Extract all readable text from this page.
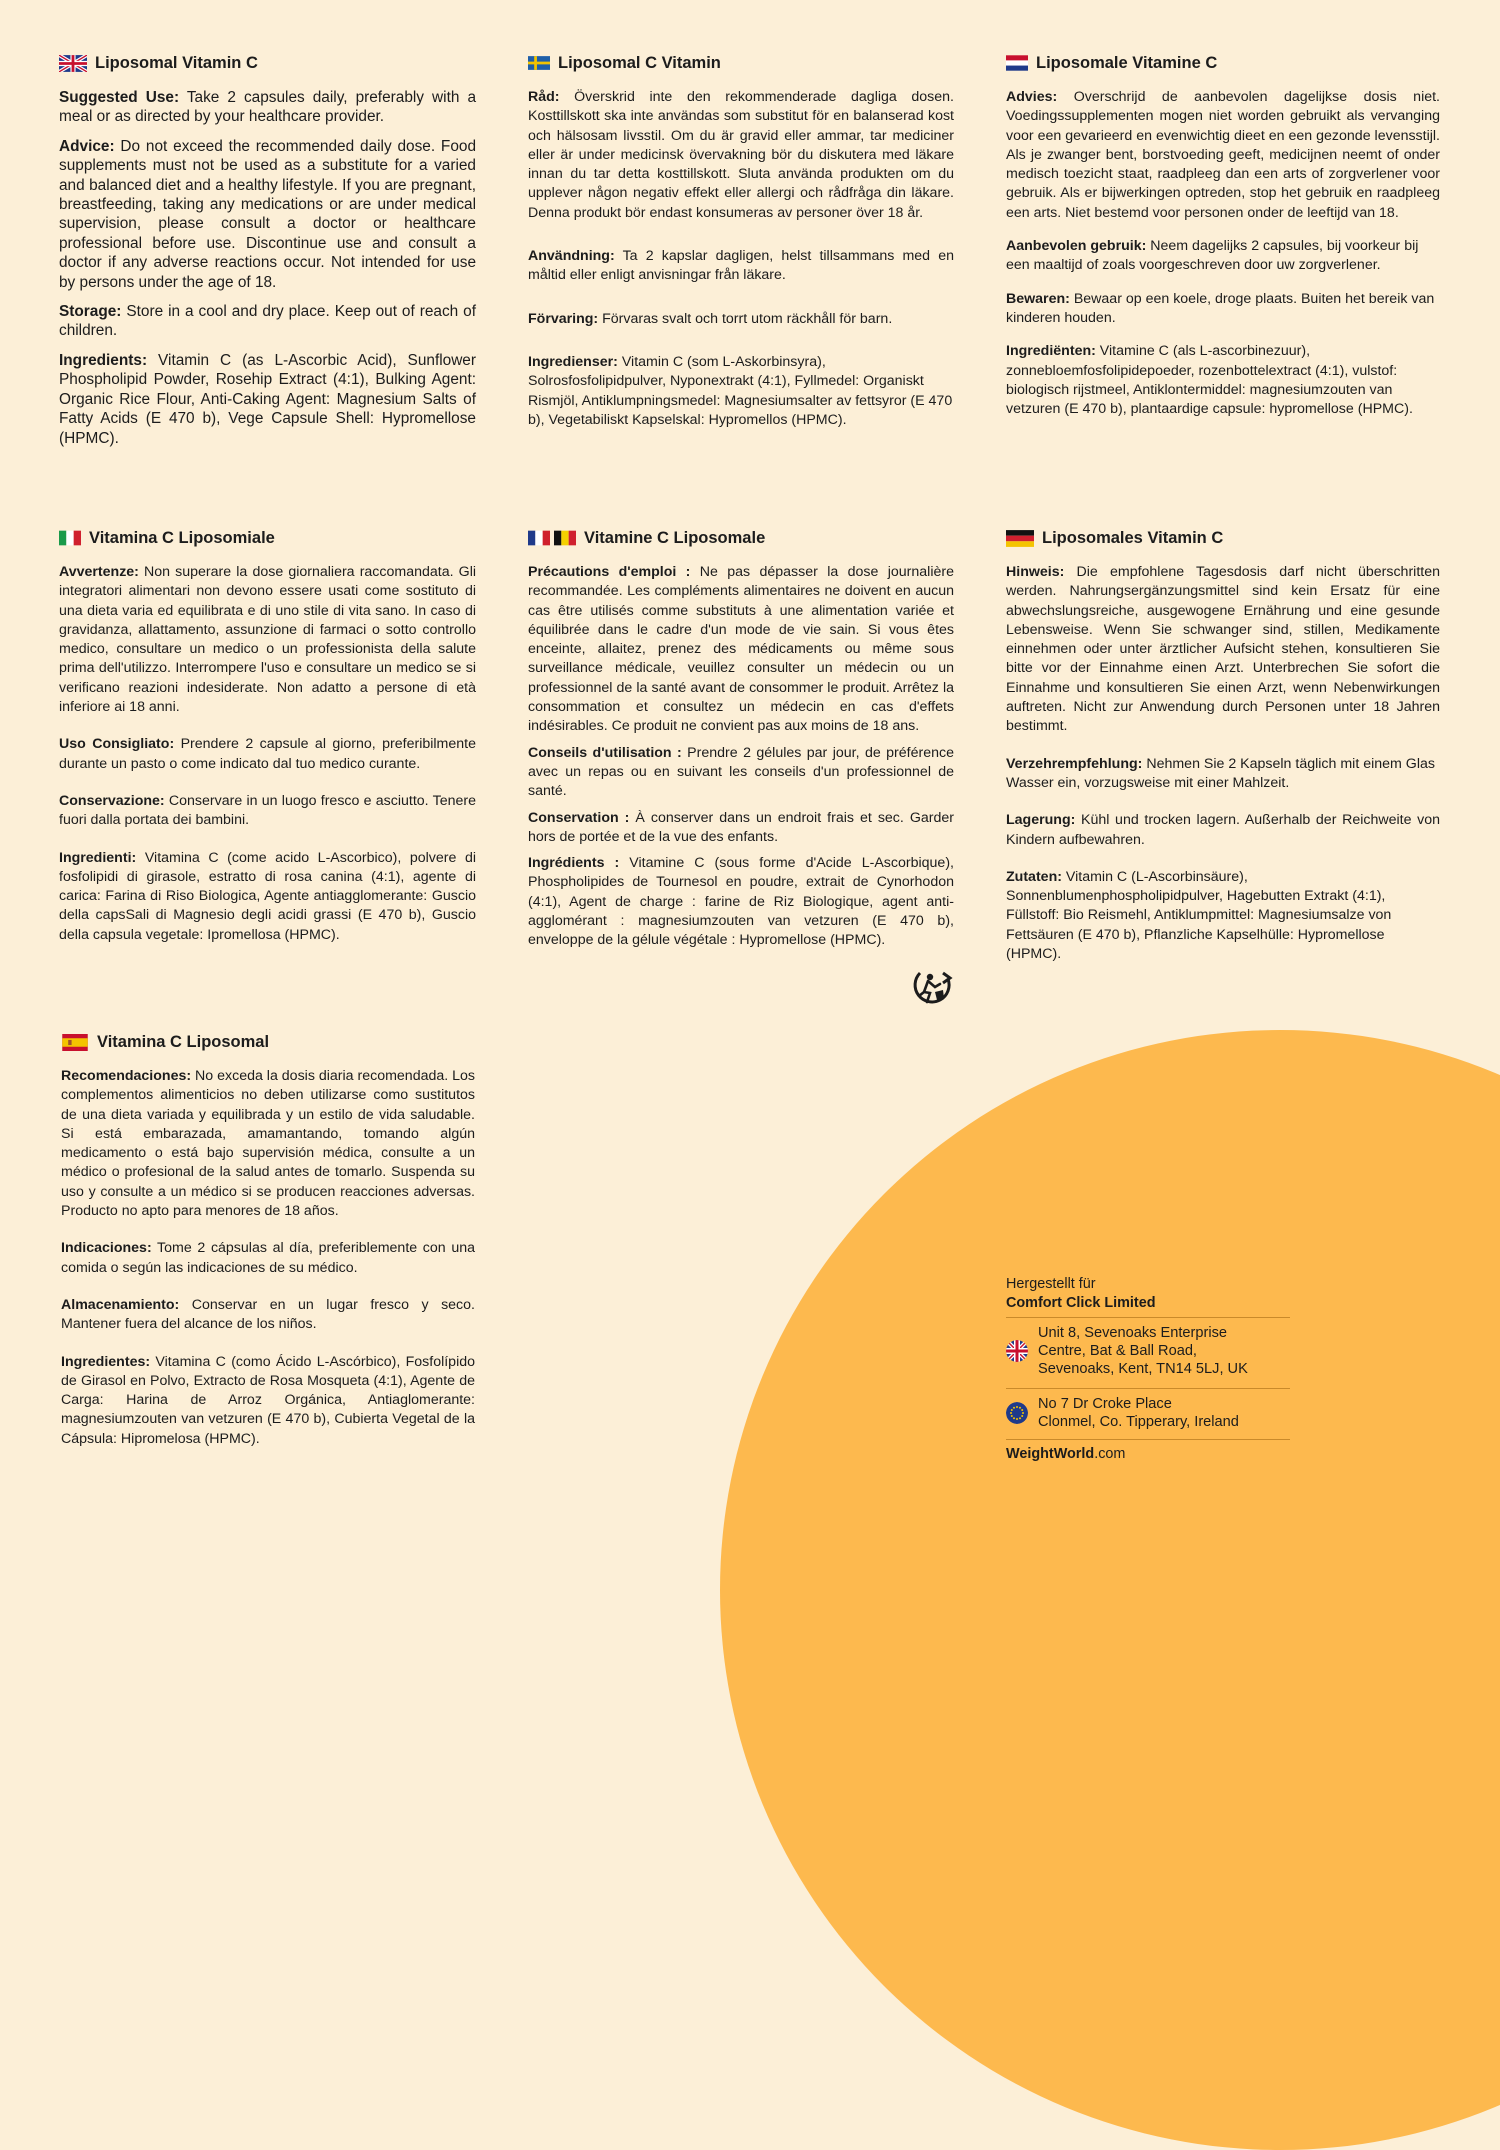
Liposomal Vitamin C

Suggested Use: Take 2 capsules daily, preferably with a meal or as directed by your healthcare provider.

Advice: Do not exceed the recommended daily dose. Food supplements must not be used as a substitute for a varied and balanced diet and a healthy lifestyle. If you are pregnant, breastfeeding, taking any medications or are under medical supervision, please consult a doctor or healthcare professional before use. Discontinue use and consult a doctor if any adverse reactions occur. Not intended for use by persons under the age of 18.

Storage: Store in a cool and dry place. Keep out of reach of children.

Ingredients: Vitamin C (as L-Ascorbic Acid), Sunflower Phospholipid Powder, Rosehip Extract (4:1), Bulking Agent: Organic Rice Flour, Anti-Caking Agent: Magnesium Salts of Fatty Acids (E 470 b), Vege Capsule Shell: Hypromellose (HPMC).

Liposomal C Vitamin

Råd: Överskrid inte den rekommenderade dagliga dosen. Kosttillskott ska inte användas som substitut för en balanserad kost och hälsosam livsstil. Om du är gravid eller ammar, tar mediciner eller är under medicinsk övervakning bör du diskutera med läkare innan du tar detta kosttillskott. Sluta använda produkten om du upplever någon negativ effekt eller allergi och rådfråga din läkare. Denna produkt bör endast konsumeras av personer över 18 år.

Användning: Ta 2 kapslar dagligen, helst tillsammans med en måltid eller enligt anvisningar från läkare.

Förvaring: Förvaras svalt och torrt utom räckhåll för barn.

Ingredienser: Vitamin C (som L-Askorbinsyra), Solrosfosfolipidpulver, Nyponextrakt (4:1), Fyllmedel: Organiskt Rismjöl, Antiklumpningsmedel: Magnesiumsalter av fettsyror (E 470 b), Vegetabiliskt Kapselskal: Hypromellos (HPMC).

Liposomale Vitamine C

Advies: Overschrijd de aanbevolen dagelijkse dosis niet. Voedingssupplementen mogen niet worden gebruikt als vervanging voor een gevarieerd en evenwichtig dieet en een gezonde levensstijl. Als je zwanger bent, borstvoeding geeft, medicijnen neemt of onder medisch toezicht staat, raadpleeg dan een arts of zorgverlener voor gebruik. Als er bijwerkingen optreden, stop het gebruik en raadpleeg een arts. Niet bestemd voor personen onder de leeftijd van 18.

Aanbevolen gebruik: Neem dagelijks 2 capsules, bij voorkeur bij een maaltijd of zoals voorgeschreven door uw zorgverlener.

Bewaren: Bewaar op een koele, droge plaats. Buiten het bereik van kinderen houden.

Ingrediënten: Vitamine C (als L-ascorbinezuur), zonnebloemfosfolipidepoeder, rozenbottelextract (4:1), vulstof: biologisch rijstmeel, Antiklontermiddel: magnesiumzouten van vetzuren (E 470 b), plantaardige capsule: hypromellose (HPMC).

Vitamina C Liposomiale

Avvertenze: Non superare la dose giornaliera raccomandata. Gli integratori alimentari non devono essere usati come sostituto di una dieta varia ed equilibrata e di uno stile di vita sano. In caso di gravidanza, allattamento, assunzione di farmaci o sotto controllo medico, consultare un medico o un professionista della salute prima dell'utilizzo. Interrompere l'uso e consultare un medico se si verificano reazioni indesiderate. Non adatto a persone di età inferiore ai 18 anni.

Uso Consigliato: Prendere 2 capsule al giorno, preferibilmente durante un pasto o come indicato dal tuo medico curante.

Conservazione: Conservare in un luogo fresco e asciutto. Tenere fuori dalla portata dei bambini.

Ingredienti: Vitamina C (come acido L-Ascorbico), polvere di fosfolipidi di girasole, estratto di rosa canina (4:1), agente di carica: Farina di Riso Biologica, Agente antiagglomerante: Guscio della capsSali di Magnesio degli acidi grassi (E 470 b), Guscio della capsula vegetale: Ipromellosa (HPMC).

Vitamine C Liposomale

Précautions d'emploi : Ne pas dépasser la dose journalière recommandée. Les compléments alimentaires ne doivent en aucun cas être utilisés comme substituts à une alimentation variée et équilibrée dans le cadre d'un mode de vie sain. Si vous êtes enceinte, allaitez, prenez des médicaments ou même sous surveillance médicale, veuillez consulter un médecin ou un professionnel de la santé avant de consommer le produit. Arrêtez la consommation et consultez un médecin en cas d'effets indésirables. Ce produit ne convient pas aux moins de 18 ans.

Conseils d'utilisation : Prendre 2 gélules par jour, de préférence avec un repas ou en suivant les conseils d'un professionnel de santé.

Conservation : À conserver dans un endroit frais et sec. Garder hors de portée et de la vue des enfants.

Ingrédients : Vitamine C (sous forme d'Acide L-Ascorbique), Phospholipides de Tournesol en poudre, extrait de Cynorhodon (4:1), Agent de charge : farine de Riz Biologique, agent anti-agglomérant : magnesiumzouten van vetzuren (E 470 b), enveloppe de la gélule végétale : Hypromellose (HPMC).

Liposomales Vitamin C

Hinweis: Die empfohlene Tagesdosis darf nicht überschritten werden. Nahrungsergänzungsmittel sind kein Ersatz für eine abwechslungsreiche, ausgewogene Ernährung und eine gesunde Lebensweise. Wenn Sie schwanger sind, stillen, Medikamente einnehmen oder unter ärztlicher Aufsicht stehen, konsultieren Sie bitte vor der Einnahme einen Arzt. Unterbrechen Sie sofort die Einnahme und konsultieren Sie einen Arzt, wenn Nebenwirkungen auftreten. Nicht zur Anwendung durch Personen unter 18 Jahren bestimmt.

Verzehrempfehlung: Nehmen Sie 2 Kapseln täglich mit einem Glas Wasser ein, vorzugsweise mit einer Mahlzeit.

Lagerung: Kühl und trocken lagern. Außerhalb der Reichweite von Kindern aufbewahren.

Zutaten: Vitamin C (L-Ascorbinsäure), Sonnenblumenphospholipidpulver, Hagebutten Extrakt (4:1), Füllstoff: Bio Reismehl, Antiklumpmittel: Magnesiumsalze von Fettsäuren (E 470 b), Pflanzliche Kapselhülle: Hypromellose (HPMC).

Vitamina C Liposomal

Recomendaciones: No exceda la dosis diaria recomendada. Los complementos alimenticios no deben utilizarse como sustitutos de una dieta variada y equilibrada y un estilo de vida saludable. Si está embarazada, amamantando, tomando algún medicamento o está bajo supervisión médica, consulte a un médico o profesional de la salud antes de tomarlo. Suspenda su uso y consulte a un médico si se producen reacciones adversas. Producto no apto para menores de 18 años.

Indicaciones: Tome 2 cápsulas al día, preferiblemente con una comida o según las indicaciones de su médico.

Almacenamiento: Conservar en un lugar fresco y seco. Mantener fuera del alcance de los niños.

Ingredientes: Vitamina C (como Ácido L-Ascórbico), Fosfolípido de Girasol en Polvo, Extracto de Rosa Mosqueta (4:1), Agente de Carga: Harina de Arroz Orgánica, Antiaglomerante: magnesiumzouten van vetzuren (E 470 b), Cubierta Vegetal de la Cápsula: Hipromelosa (HPMC).

Hergestellt für
Comfort Click Limited
Unit 8, Sevenoaks Enterprise
Centre, Bat & Ball Road,
Sevenoaks, Kent, TN14 5LJ, UK
No 7 Dr Croke Place
Clonmel, Co. Tipperary, Ireland
WeightWorld.com
